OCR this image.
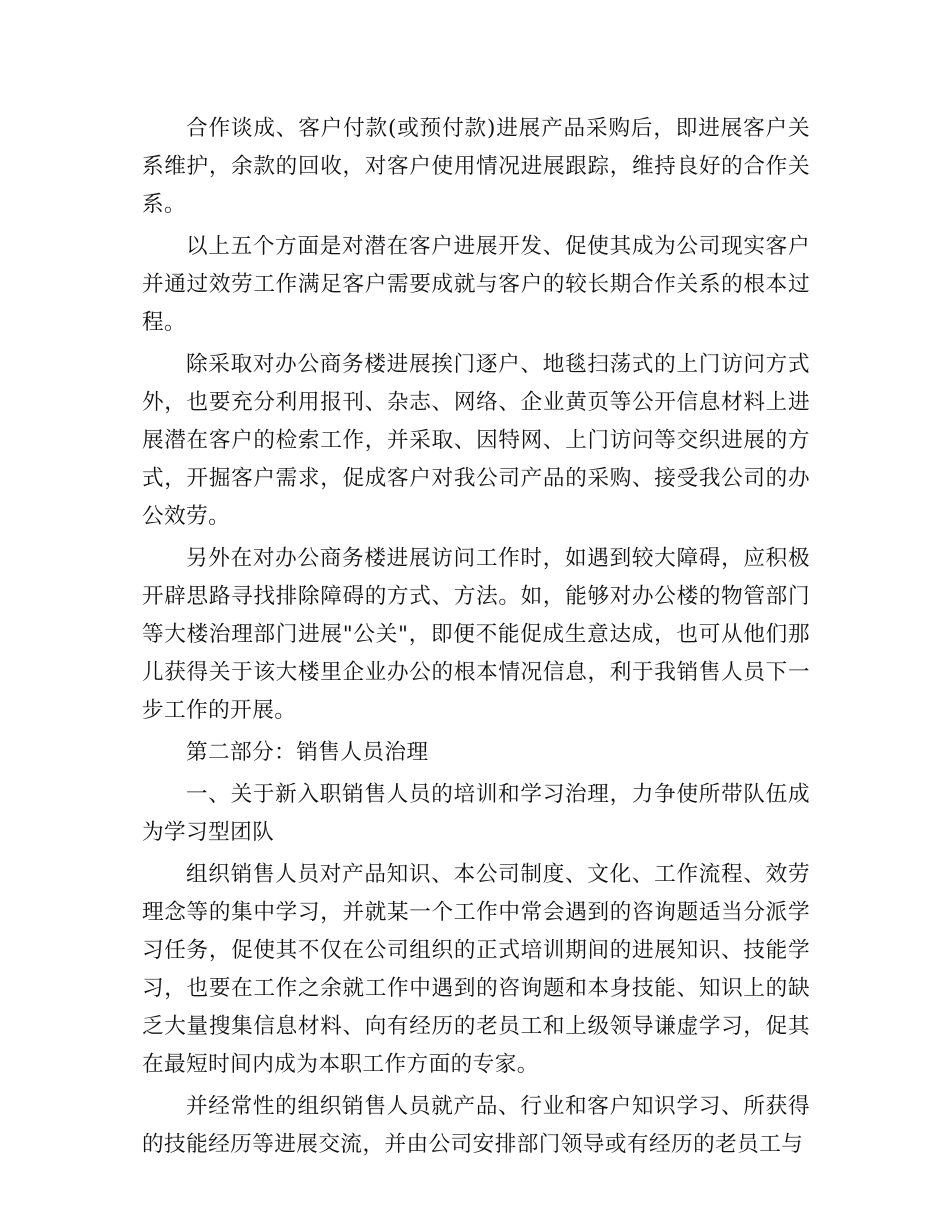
合作谈成、客户付款(或预付款)进展产品采购后，即进展客户关系维护，余款的回收，对客户使用情况进展跟踪，维持良好的合作关系。

以上五个方面是对潜在客户进展开发、促使其成为公司现实客户并通过效劳工作满足客户需要成就与客户的较长期合作关系的根本过程。

除采取对办公商务楼进展挨门逐户、地毯扫荡式的上门访问方式外，也要充分利用报刊、杂志、网络、企业黄页等公开信息材料上进展潜在客户的检索工作，并采取、因特网、上门访问等交织进展的方式，开掘客户需求，促成客户对我公司产品的采购、接受我公司的办公效劳。

另外在对办公商务楼进展访问工作时，如遇到较大障碍，应积极开辟思路寻找排除障碍的方式、方法。如，能够对办公楼的物管部门等大楼治理部门进展"公关"，即便不能促成生意达成，也可从他们那儿获得关于该大楼里企业办公的根本情况信息，利于我销售人员下一步工作的开展。

第二部分：销售人员治理

一、关于新入职销售人员的培训和学习治理，力争使所带队伍成为学习型团队

组织销售人员对产品知识、本公司制度、文化、工作流程、效劳理念等的集中学习，并就某一个工作中常会遇到的咨询题适当分派学习任务，促使其不仅在公司组织的正式培训期间的进展知识、技能学习，也要在工作之余就工作中遇到的咨询题和本身技能、知识上的缺乏大量搜集信息材料、向有经历的老员工和上级领导谦虚学习，促其在最短时间内成为本职工作方面的专家。

并经常性的组织销售人员就产品、行业和客户知识学习、所获得的技能经历等进展交流，并由公司安排部门领导或有经历的老员工与
